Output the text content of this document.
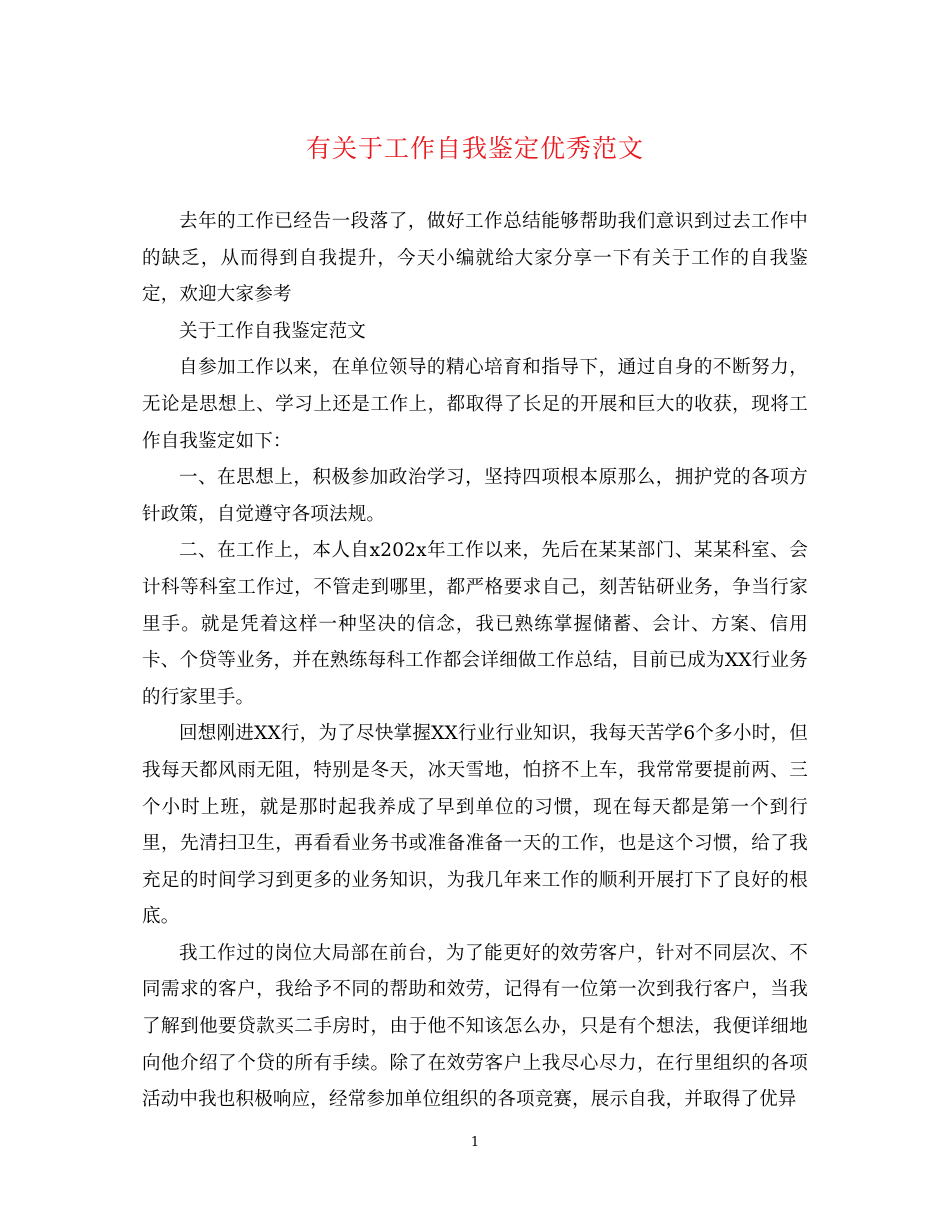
有关于工作自我鉴定优秀范文

去年的工作已经告一段落了，做好工作总结能够帮助我们意识到过去工作中的缺乏，从而得到自我提升，今天小编就给大家分享一下有关于工作的自我鉴定，欢迎大家参考

关于工作自我鉴定范文

自参加工作以来，在单位领导的精心培育和指导下，通过自身的不断努力，无论是思想上、学习上还是工作上，都取得了长足的开展和巨大的收获，现将工作自我鉴定如下：

一、在思想上，积极参加政治学习，坚持四项根本原那么，拥护党的各项方针政策，自觉遵守各项法规。

二、在工作上，本人自x202x年工作以来，先后在某某部门、某某科室、会计科等科室工作过，不管走到哪里，都严格要求自己，刻苦钻研业务，争当行家里手。就是凭着这样一种坚决的信念，我已熟练掌握储蓄、会计、方案、信用卡、个贷等业务，并在熟练每科工作都会详细做工作总结，目前已成为XX行业务的行家里手。

回想刚进XX行，为了尽快掌握XX行业行业知识，我每天苦学6个多小时，但我每天都风雨无阻，特别是冬天，冰天雪地，怕挤不上车，我常常要提前两、三个小时上班，就是那时起我养成了早到单位的习惯，现在每天都是第一个到行里，先清扫卫生，再看看业务书或准备准备一天的工作，也是这个习惯，给了我充足的时间学习到更多的业务知识，为我几年来工作的顺利开展打下了良好的根底。

我工作过的岗位大局部在前台，为了能更好的效劳客户，针对不同层次、不同需求的客户，我给予不同的帮助和效劳，记得有一位第一次到我行客户，当我了解到他要贷款买二手房时，由于他不知该怎么办，只是有个想法，我便详细地向他介绍了个贷的所有手续。除了在效劳客户上我尽心尽力，在行里组织的各项活动中我也积极响应，经常参加单位组织的各项竞赛，展示自我，并取得了优异

1
